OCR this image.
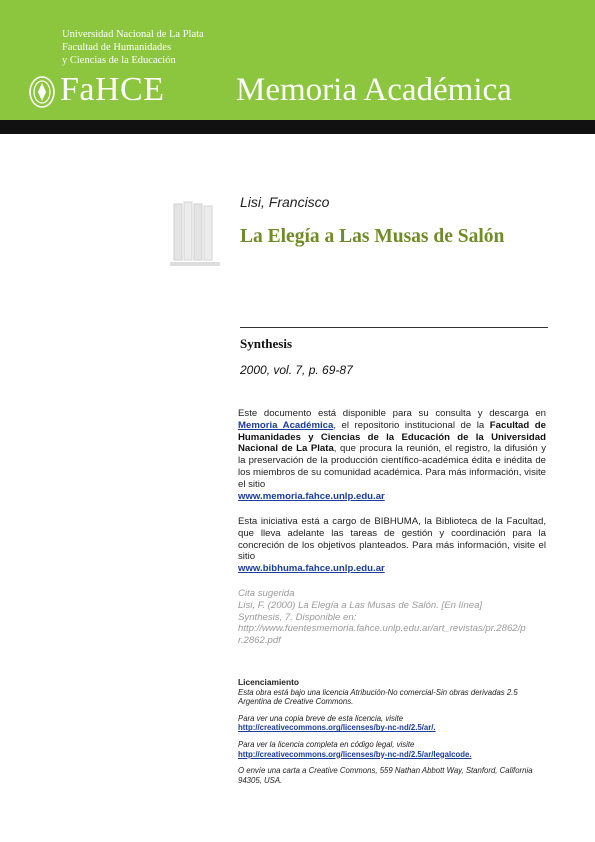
Universidad Nacional de La Plata
Facultad de Humanidades
y Ciencias de la Educación
FaHCE Memoria Académica
Lisi, Francisco
La Elegía a Las Musas de Salón
Synthesis
2000, vol. 7, p. 69-87
Este documento está disponible para su consulta y descarga en Memoria Académica, el repositorio institucional de la Facultad de Humanidades y Ciencias de la Educación de la Universidad Nacional de La Plata, que procura la reunión, el registro, la difusión y la preservación de la producción científico-académica édita e inédita de los miembros de su comunidad académica. Para más información, visite el sitio
www.memoria.fahce.unlp.edu.ar
Esta iniciativa está a cargo de BIBHUMA, la Biblioteca de la Facultad, que lleva adelante las tareas de gestión y coordinación para la concreción de los objetivos planteados. Para más información, visite el sitio
www.bibhuma.fahce.unlp.edu.ar
Cita sugerida
Lisi, F. (2000) La Elegía a Las Musas de Salón. [En línea]
Synthesis, 7. Disponible en:
http://www.fuentesmemoria.fahce.unlp.edu.ar/art_revistas/pr.2862/p
r.2862.pdf
Licenciamiento
Esta obra está bajo una licencia Atribución-No comercial-Sin obras derivadas 2.5 Argentina de Creative Commons.
Para ver una copia breve de esta licencia, visite
http://creativecommons.org/licenses/by-nc-nd/2.5/ar/.
Para ver la licencia completa en código legal, visite
http://creativecommons.org/licenses/by-nc-nd/2.5/ar/legalcode.
O envíe una carta a Creative Commons, 559 Nathan Abbott Way, Stanford, California 94305, USA.
